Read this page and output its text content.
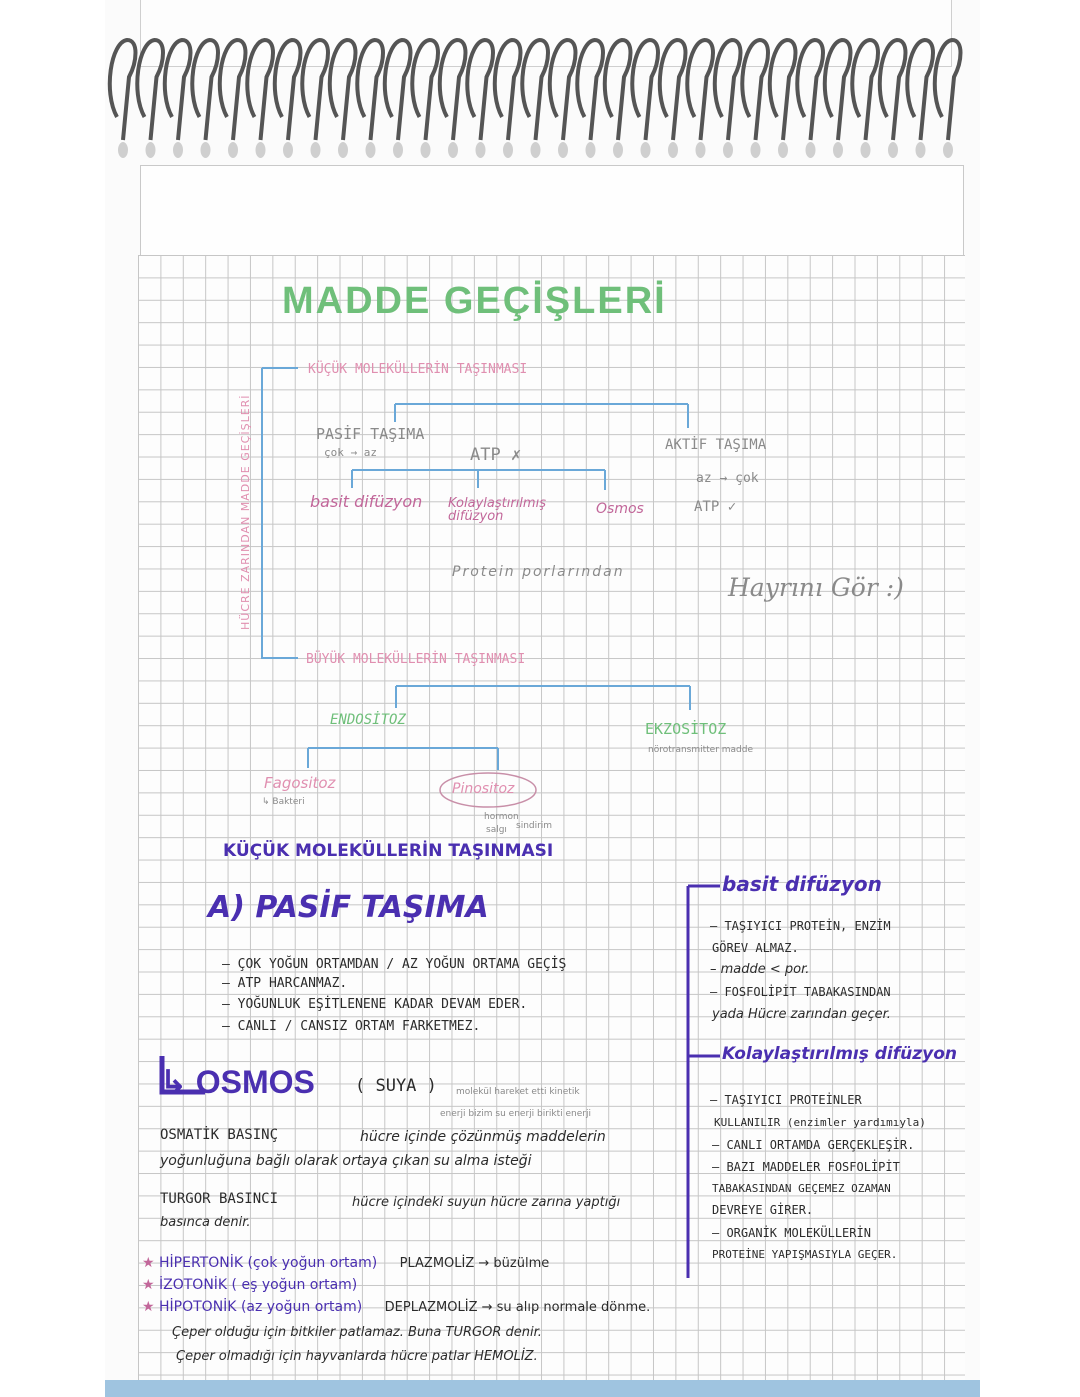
MADDE GEÇİŞLERİ
HÜCRE ZARINDAN MADDE GEÇİŞLERİ
KÜÇÜK MOLEKÜLLERİN TAŞINMASI
PASİF TAŞIMA
çok → az	ATP ✗	AKTİF TAŞIMA
az → çok
ATP ✓
basit difüzyon Kolaylaştırılmış difüzyon	Osmos
Protein porlarından
Hayrını Gör :)
BÜYÜK MOLEKÜLLERİN TAŞINMASI
ENDOSİTOZ	EKZOSİTOZ
nörotransmitter madde
Fagositoz
↳ Bakteri
Pinositoz
hormon
salgı sindirim
KÜÇÜK MOLEKÜLLERİN TAŞINMASI
A) PASİF TAŞIMA
– ÇOK YOĞUN ORTAMDAN / AZ YOĞUN ORTAMA GEÇİŞ
– ATP HARCANMAZ.
– YOĞUNLUK EŞİTLENENE KADAR DEVAM EDER.
– CANLI / CANSIZ ORTAM FARKETMEZ.
↳ OSMOS ( SUYA ) molekül hareket etti kinetik
enerji bizim su enerji birikti enerji
OSMATİK BASINÇ	hücre içinde çözünmüş maddelerin
yoğunluğuna bağlı olarak ortaya çıkan su alma isteği
TURGOR BASINCI	hücre içindeki suyun hücre zarına yaptığı
basınca denir.
★ HİPERTONİK (çok yoğun ortam) PLAZMOLİZ → büzülme
★ İZOTONİK ( eş yoğun ortam)
★ HİPOTONİK (az yoğun ortam) DEPLAZMOLİZ → su alıp normale dönme.
Çeper olduğu için bitkiler patlamaz. Buna TURGOR denir.
Çeper olmadığı için hayvanlarda hücre patlar HEMOLİZ.
basit difüzyon
– TAŞIYICI PROTEİN, ENZİM
GÖREV ALMAZ.
– madde < por.
– FOSFOLİPİT TABAKASINDAN
yada Hücre zarından geçer.
Kolaylaştırılmış difüzyon
– TAŞIYICI PROTEİNLER
KULLANILIR (enzimler yardımıyla)
– CANLI ORTAMDA GERÇEKLEŞİR.
– BAZI MADDELER FOSFOLİPİT
TABAKASINDAN GEÇEMEZ OZAMAN
DEVREYE GİRER.
– ORGANİK MOLEKÜLLERİN
PROTEİNE YAPIŞMASIYLA GEÇER.
